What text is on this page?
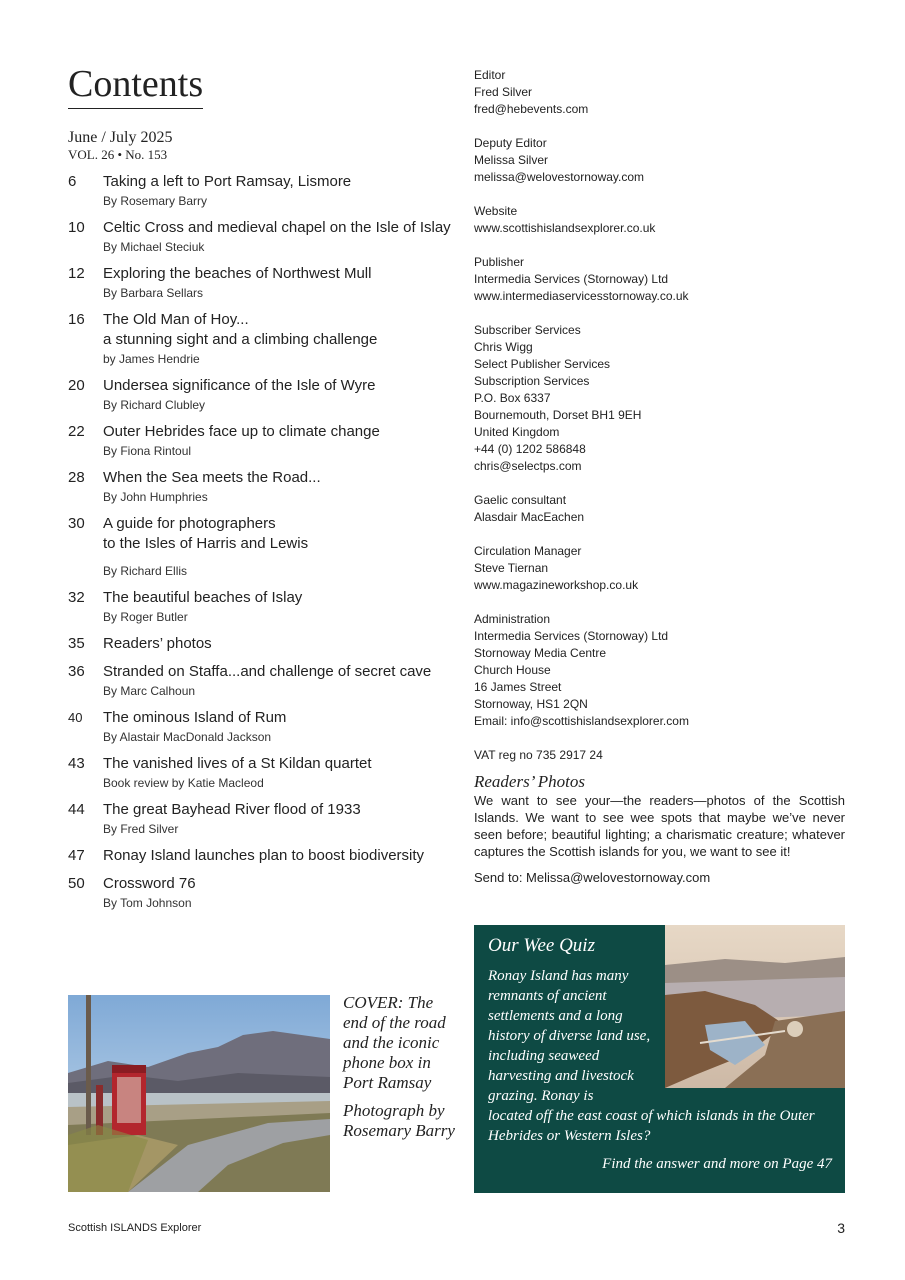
Contents
June / July 2025
VOL. 26 • No. 153
6	Taking a left to Port Ramsay, Lismore
By Rosemary Barry
10	Celtic Cross and medieval chapel on the Isle of Islay
By Michael Steciuk
12	Exploring the beaches of Northwest Mull
By Barbara Sellars
16	The Old Man of Hoy...
a stunning sight and a climbing challenge
by James Hendrie
20	Undersea significance of the Isle of Wyre
By Richard Clubley
22	Outer Hebrides face up to climate change
By Fiona Rintoul
28	When the Sea meets the Road...
By John Humphries
30	A guide for photographers
to the Isles of Harris and Lewis
By Richard Ellis
32	The beautiful beaches of Islay
By Roger Butler
35	Readers’ photos
36	Stranded on Staffa...and challenge of secret cave
By Marc Calhoun
40	The ominous Island of Rum
By Alastair MacDonald Jackson
43	The vanished lives of a St Kildan quartet
Book review by Katie Macleod
44	The great Bayhead River flood of 1933
By Fred Silver
47	Ronay Island launches plan to boost biodiversity
50	Crossword 76
By Tom Johnson

COVER: The end of the road and the iconic phone box in Port Ramsay

Photograph by Rosemary Barry

Editor
Fred Silver
fred@hebevents.com
Deputy Editor
Melissa Silver
melissa@welovestornoway.com
Website
www.scottishislandsexplorer.co.uk
Publisher
Intermedia Services (Stornoway) Ltd
www.intermediaservicesstornoway.co.uk
Subscriber Services
Chris Wigg
Select Publisher Services
Subscription Services
P.O. Box 6337
Bournemouth, Dorset BH1 9EH
United Kingdom
+44 (0) 1202 586848
chris@selectps.com
Gaelic consultant
Alasdair MacEachen
Circulation Manager
Steve Tiernan
www.magazineworkshop.co.uk
Administration
Intermedia Services (Stornoway) Ltd
Stornoway Media Centre
Church House
16 James Street
Stornoway, HS1 2QN
Email: info@scottishislandsexplorer.com
VAT reg no 735 2917 24
Readers’ Photos
We want to see your—the readers—photos of the Scottish Islands. We want to see wee spots that maybe we’ve never seen before; beautiful lighting; a charismatic creature; whatever captures the Scottish islands for you, we want to see it!
Send to: Melissa@welovestornoway.com
Our Wee Quiz
Ronay Island has many remnants of ancient settlements and a long history of diverse land use, including seaweed harvesting and livestock grazing. Ronay is
located off the east coast of which islands in the Outer Hebrides or Western Isles?
Find the answer and more on Page 47
Scottish ISLANDS Explorer	3
